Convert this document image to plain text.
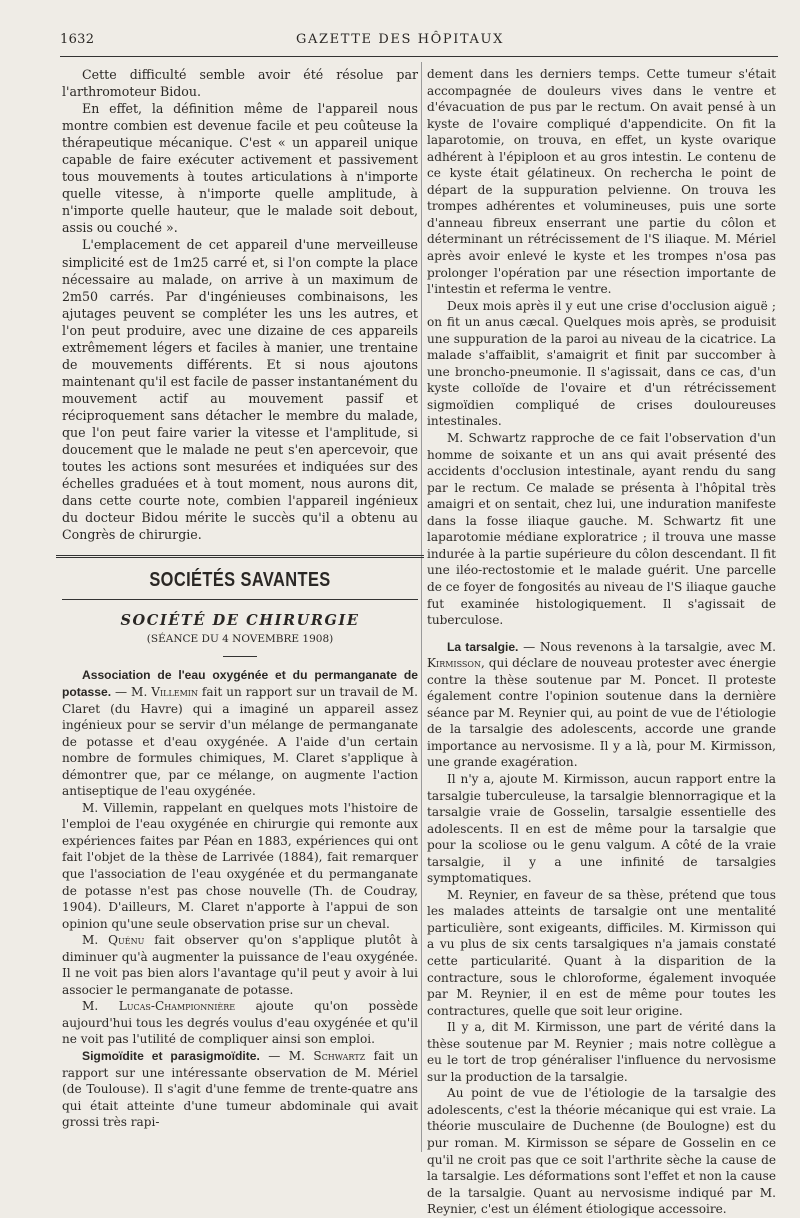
1632	GAZETTE DES HÔPITAUX

Cette difficulté semble avoir été résolue par l'arthromoteur Bidou.

En effet, la définition même de l'appareil nous montre combien est devenue facile et peu coûteuse la thérapeutique mécanique. C'est « un appareil unique capable de faire exécuter activement et passivement tous mouvements à toutes articulations à n'importe quelle vitesse, à n'importe quelle amplitude, à n'importe quelle hauteur, que le malade soit debout, assis ou couché ».

L'emplacement de cet appareil d'une merveilleuse simplicité est de 1m25 carré et, si l'on compte la place nécessaire au malade, on arrive à un maximum de 2m50 carrés. Par d'ingénieuses combinaisons, les ajutages peuvent se compléter les uns les autres, et l'on peut produire, avec une dizaine de ces appareils extrêmement légers et faciles à manier, une trentaine de mouvements différents. Et si nous ajoutons maintenant qu'il est facile de passer instantanément du mouvement actif au mouvement passif et réciproquement sans détacher le membre du malade, que l'on peut faire varier la vitesse et l'amplitude, si doucement que le malade ne peut s'en apercevoir, que toutes les actions sont mesurées et indiquées sur des échelles graduées et à tout moment, nous aurons dit, dans cette courte note, combien l'appareil ingénieux du docteur Bidou mérite le succès qu'il a obtenu au Congrès de chirurgie.

SOCIÉTÉS SAVANTES
SOCIÉTÉ DE CHIRURGIE
(SÉANCE DU 4 NOVEMBRE 1908)

Association de l'eau oxygénée et du permanganate de potasse. — M. Villemin fait un rapport sur un travail de M. Claret (du Havre) qui a imaginé un appareil assez ingénieux pour se servir d'un mélange de permanganate de potasse et d'eau oxygénée. A l'aide d'un certain nombre de formules chimiques, M. Claret s'applique à démontrer que, par ce mélange, on augmente l'action antiseptique de l'eau oxygénée.

M. Villemin, rappelant en quelques mots l'histoire de l'emploi de l'eau oxygénée en chirurgie qui remonte aux expériences faites par Péan en 1883, expériences qui ont fait l'objet de la thèse de Larrivée (1884), fait remarquer que l'association de l'eau oxygénée et du permanganate de potasse n'est pas chose nouvelle (Th. de Coudray, 1904). D'ailleurs, M. Claret n'apporte à l'appui de son opinion qu'une seule observation prise sur un cheval.

M. Quénu fait observer qu'on s'applique plutôt à diminuer qu'à augmenter la puissance de l'eau oxygénée. Il ne voit pas bien alors l'avantage qu'il peut y avoir à lui associer le permanganate de potasse.

M. Lucas-Championnière ajoute qu'on possède aujourd'hui tous les degrés voulus d'eau oxygénée et qu'il ne voit pas l'utilité de compliquer ainsi son emploi.

Sigmoïdite et parasigmoïdite. — M. Schwartz fait un rapport sur une intéressante observation de M. Mériel (de Toulouse). Il s'agit d'une femme de trente-quatre ans qui était atteinte d'une tumeur abdominale qui avait grossi très rapi-

dement dans les derniers temps. Cette tumeur s'était accompagnée de douleurs vives dans le ventre et d'évacuation de pus par le rectum. On avait pensé à un kyste de l'ovaire compliqué d'appendicite. On fit la laparotomie, on trouva, en effet, un kyste ovarique adhérent à l'épiploon et au gros intestin. Le contenu de ce kyste était gélatineux. On rechercha le point de départ de la suppuration pelvienne. On trouva les trompes adhérentes et volumineuses, puis une sorte d'anneau fibreux enserrant une partie du côlon et déterminant un rétrécissement de l'S iliaque. M. Mériel après avoir enlevé le kyste et les trompes n'osa pas prolonger l'opération par une résection importante de l'intestin et referma le ventre.

Deux mois après il y eut une crise d'occlusion aiguë ; on fit un anus cæcal. Quelques mois après, se produisit une suppuration de la paroi au niveau de la cicatrice. La malade s'affaiblit, s'amaigrit et finit par succomber à une broncho-pneumonie. Il s'agissait, dans ce cas, d'un kyste colloïde de l'ovaire et d'un rétrécissement sigmoïdien compliqué de crises douloureuses intestinales.

M. Schwartz rapproche de ce fait l'observation d'un homme de soixante et un ans qui avait présenté des accidents d'occlusion intestinale, ayant rendu du sang par le rectum. Ce malade se présenta à l'hôpital très amaigri et on sentait, chez lui, une induration manifeste dans la fosse iliaque gauche. M. Schwartz fit une laparotomie médiane exploratrice ; il trouva une masse indurée à la partie supérieure du côlon descendant. Il fit une iléo-rectostomie et le malade guérit. Une parcelle de ce foyer de fongosités au niveau de l'S iliaque gauche fut examinée histologiquement. Il s'agissait de tuberculose.

La tarsalgie. — Nous revenons à la tarsalgie, avec M. Kirmisson, qui déclare de nouveau protester avec énergie contre la thèse soutenue par M. Poncet. Il proteste également contre l'opinion soutenue dans la dernière séance par M. Reynier qui, au point de vue de l'étiologie de la tarsalgie des adolescents, accorde une grande importance au nervosisme. Il y a là, pour M. Kirmisson, une grande exagération.

Il n'y a, ajoute M. Kirmisson, aucun rapport entre la tarsalgie tuberculeuse, la tarsalgie blennorragique et la tarsalgie vraie de Gosselin, tarsalgie essentielle des adolescents. Il en est de même pour la tarsalgie que pour la scoliose ou le genu valgum. A côté de la vraie tarsalgie, il y a une infinité de tarsalgies symptomatiques.

M. Reynier, en faveur de sa thèse, prétend que tous les malades atteints de tarsalgie ont une mentalité particulière, sont exigeants, difficiles. M. Kirmisson qui a vu plus de six cents tarsalgiques n'a jamais constaté cette particularité. Quant à la disparition de la contracture, sous le chloroforme, également invoquée par M. Reynier, il en est de même pour toutes les contractures, quelle que soit leur origine.

Il y a, dit M. Kirmisson, une part de vérité dans la thèse soutenue par M. Reynier ; mais notre collègue a eu le tort de trop généraliser l'influence du nervosisme sur la production de la tarsalgie.

Au point de vue de l'étiologie de la tarsalgie des adolescents, c'est la théorie mécanique qui est vraie. La théorie musculaire de Duchenne (de Boulogne) est du pur roman. M. Kirmisson se sépare de Gosselin en ce qu'il ne croit pas que ce soit l'arthrite sèche la cause de la tarsalgie. Les déformations sont l'effet et non la cause de la tarsalgie. Quant au nervosisme indiqué par M. Reynier, c'est un élément étiologique accessoire.
